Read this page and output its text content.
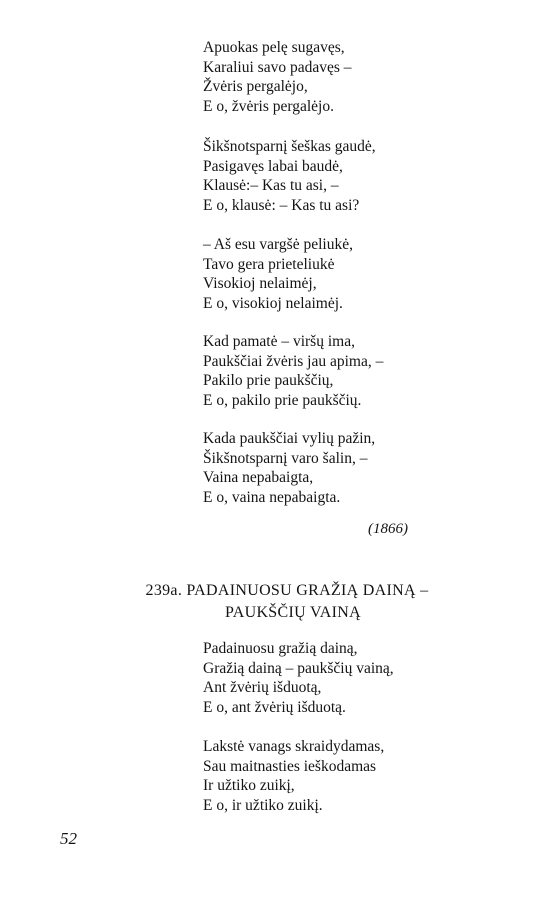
Apuokas pelę sugavęs,
Karaliui savo padavęs –
Žvėris pergalėjo,
E o, žvėris pergalėjo.
Šikšnotsparnį šeškas gaudė,
Pasigavęs labai baudė,
Klausė:– Kas tu asi, –
E o, klausė: – Kas tu asi?
– Aš esu vargšė peliukė,
Tavo gera prieteliukė
Visokioj nelaimėj,
E o, visokioj nelaimėj.
Kad pamatė – viršų ima,
Paukščiai žvėris jau apima, –
Pakilo prie paukščių,
E o, pakilo prie paukščių.
Kada paukščiai vylių pažin,
Šikšnotsparnį varo šalin, –
Vaina nepabaigta,
E o, vaina nepabaigta.
(1866)
239a. PADAINUOSU GRAŽIĄ DAINĄ –
PAUKŠČIŲ VAINĄ
Padainuosu gražią dainą,
Gražią dainą – paukščių vainą,
Ant žvėrių išduotą,
E o, ant žvėrių išduotą.
Lakstė vanags skraidydamas,
Sau maitnasties ieškodamas
Ir užtiko zuikį,
E o, ir užtiko zuikį.
52
